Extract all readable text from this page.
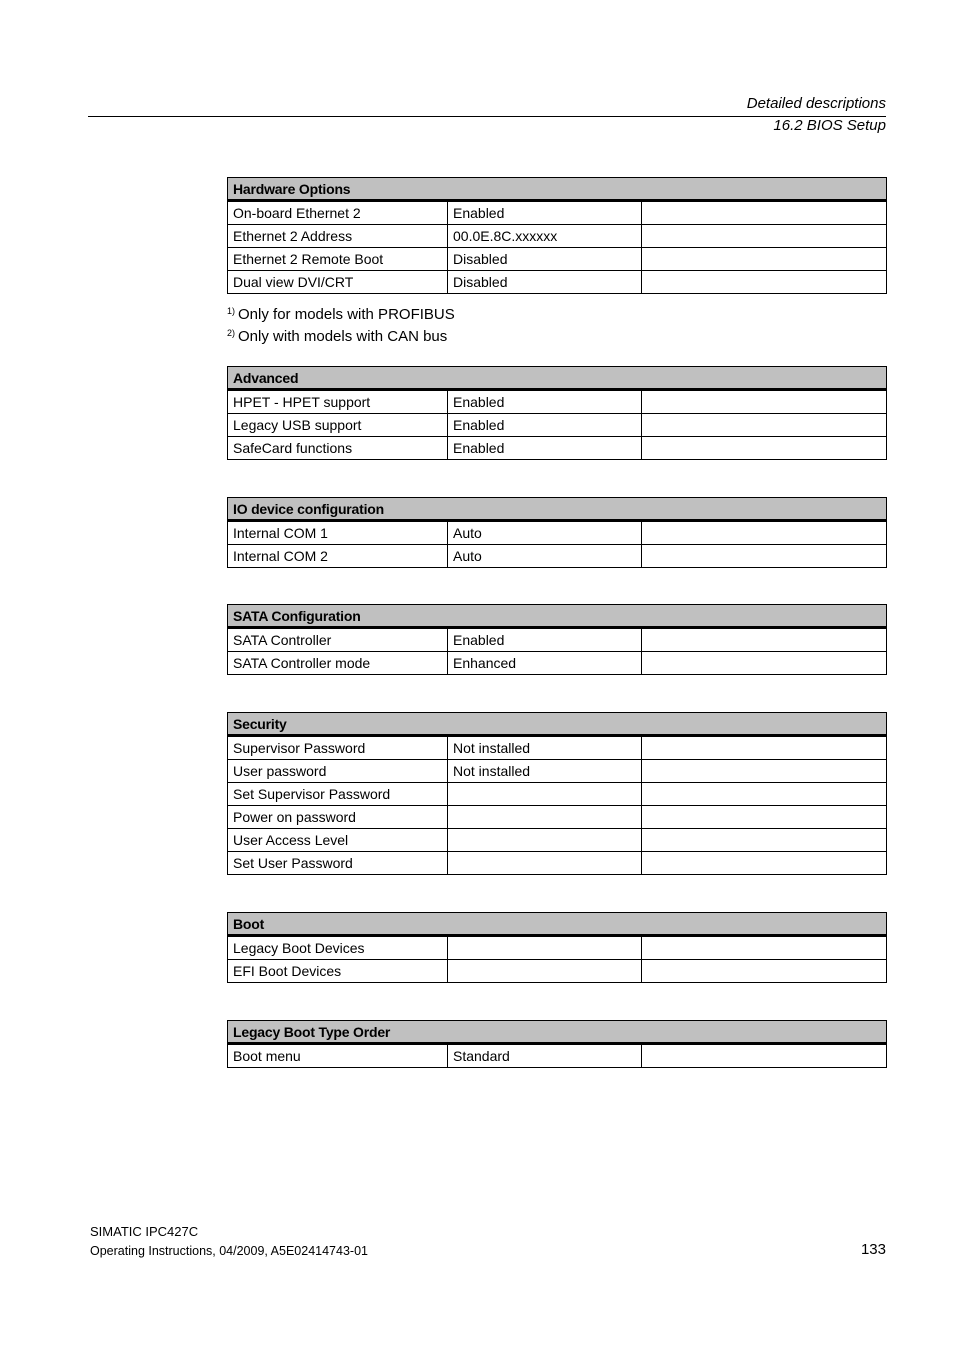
Detailed descriptions
16.2 BIOS Setup
Hardware Options		
On-board Ethernet 2	Enabled	
Ethernet 2 Address	00.0E.8C.xxxxxx	
Ethernet 2 Remote Boot	Disabled	
Dual view DVI/CRT	Disabled	
Advanced		
HPET - HPET support	Enabled	
Legacy USB support	Enabled	
SafeCard functions	Enabled	
IO device configuration		
Internal COM 1	Auto	
Internal COM 2	Auto	
SATA Configuration		
SATA Controller	Enabled	
SATA Controller mode	Enhanced	
Security		
Supervisor Password	Not installed	
User password	Not installed	
Set Supervisor Password		
Power on password		
User Access Level		
Set User Password		
Boot		
Legacy Boot Devices		
EFI Boot Devices		
Legacy Boot Type Order
Boot menu	Standard	
$^{1)}$ Only for models with PROFIBUS
$^{2)}$ Only with models with CAN bus
SIMATIC IPC427C
Operating Instructions, 04/2009, A5E02414743-01	133
